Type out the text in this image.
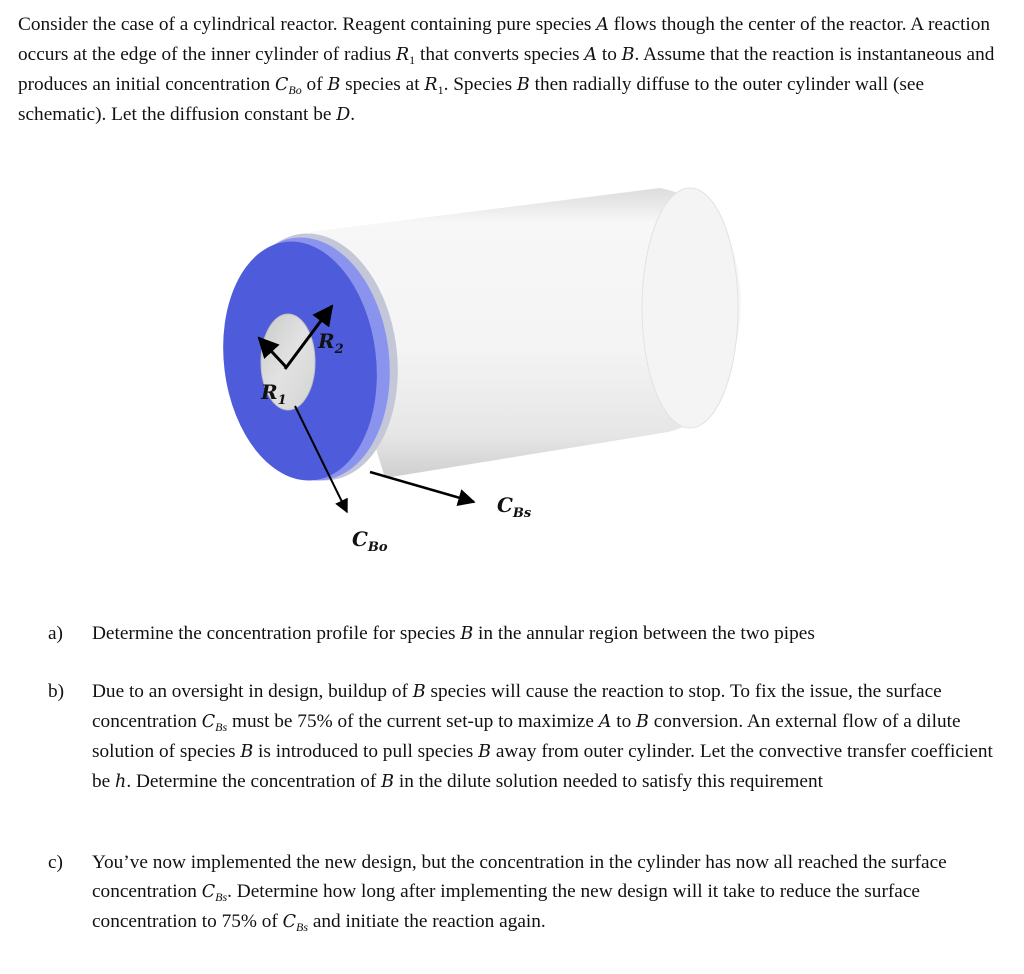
Consider the case of a cylindrical reactor. Reagent containing pure species A flows though the center of the reactor. A reaction occurs at the edge of the inner cylinder of radius $R_1$ that converts species A to B. Assume that the reaction is instantaneous and produces an initial concentration $C_{Bo}$ of B species at $R_1$. Species B then radially diffuse to the outer cylinder wall (see schematic). Let the diffusion constant be D.

$R_2$
$R_1$
$C_{Bo}$
$C_{Bs}$
a) Determine the concentration profile for species B in the annular region between the two pipes
b) Due to an oversight in design, buildup of B species will cause the reaction to stop. To fix the issue, the surface concentration $C_{Bs}$ must be 75% of the current set-up to maximize A to B conversion. An external flow of a dilute solution of species B is introduced to pull species B away from outer cylinder. Let the convective transfer coefficient be h. Determine the concentration of B in the dilute solution needed to satisfy this requirement
c) You’ve now implemented the new design, but the concentration in the cylinder has now all reached the surface concentration $C_{Bs}$. Determine how long after implementing the new design will it take to reduce the surface concentration to 75% of $C_{Bs}$ and initiate the reaction again.
